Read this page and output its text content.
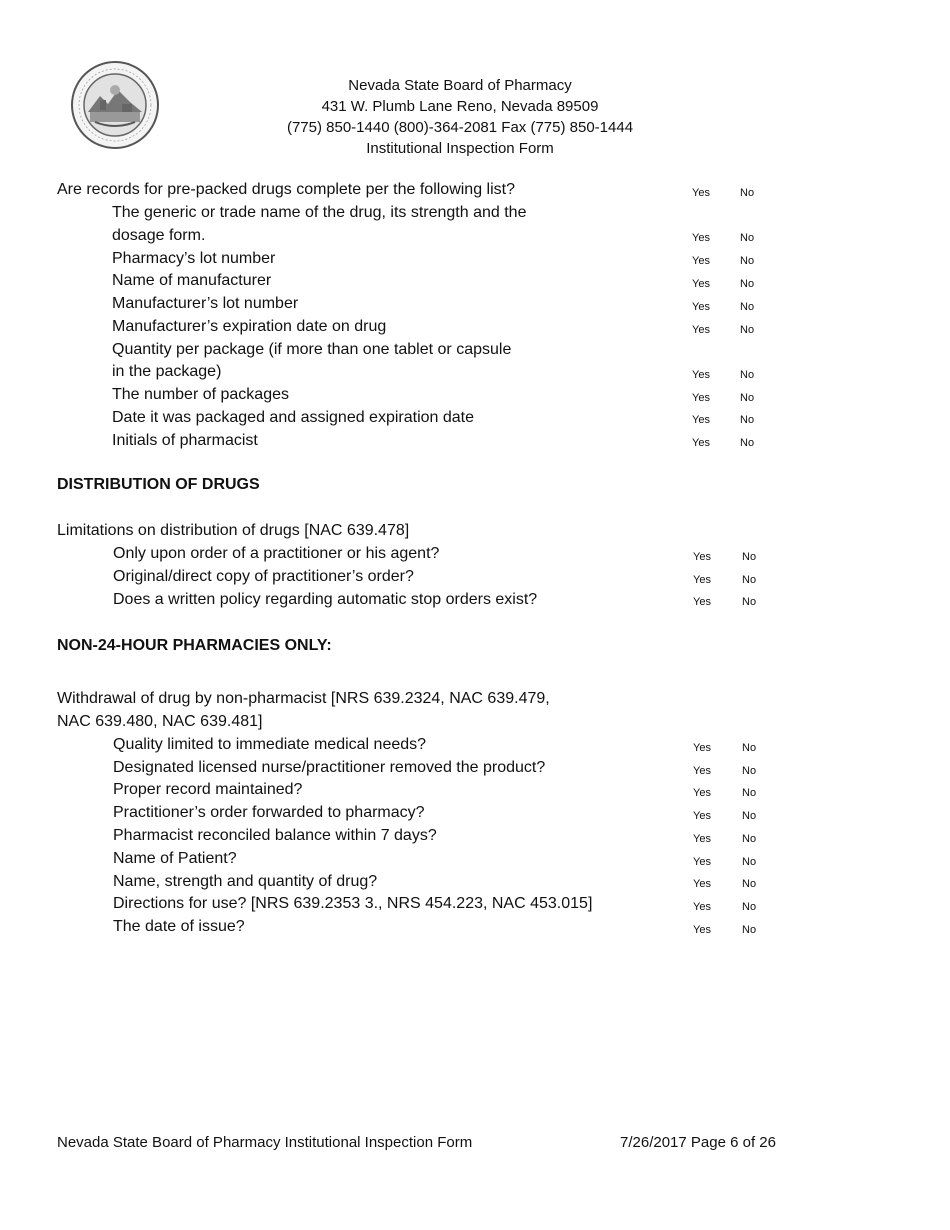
Nevada State Board of Pharmacy
431 W. Plumb Lane Reno, Nevada 89509
(775) 850-1440 (800)-364-2081 Fax (775) 850-1444
Institutional Inspection Form
Are records for pre-packed drugs complete per the following list?	Yes	No
The generic or trade name of the drug, its strength and the
dosage form.	Yes	No
Pharmacy’s lot number	Yes	No
Name of manufacturer	Yes	No
Manufacturer’s lot number	Yes	No
Manufacturer’s expiration date on drug	Yes	No
Quantity per package (if more than one tablet or capsule
in the package)	Yes	No
The number of packages	Yes	No
Date it was packaged and assigned expiration date	Yes	No
Initials of pharmacist	Yes	No
DISTRIBUTION OF DRUGS
Limitations on distribution of drugs [NAC 639.478]
Only upon order of a practitioner or his agent?	Yes	No
Original/direct copy of practitioner’s order?	Yes	No
Does a written policy regarding automatic stop orders exist?	Yes	No
NON-24-HOUR PHARMACIES ONLY:
Withdrawal of drug by non-pharmacist [NRS 639.2324, NAC 639.479,
NAC 639.480, NAC 639.481]
Quality limited to immediate medical needs?	Yes	No
Designated licensed nurse/practitioner removed the product?	Yes	No
Proper record maintained?	Yes	No
Practitioner’s order forwarded to pharmacy?	Yes	No
Pharmacist reconciled balance within 7 days?	Yes	No
Name of Patient?	Yes	No
Name, strength and quantity of drug?	Yes	No
Directions for use? [NRS 639.2353 3., NRS 454.223, NAC 453.015]	Yes	No
The date of issue?	Yes	No
Nevada State Board of Pharmacy Institutional Inspection Form	7/26/2017 Page 6 of 26
